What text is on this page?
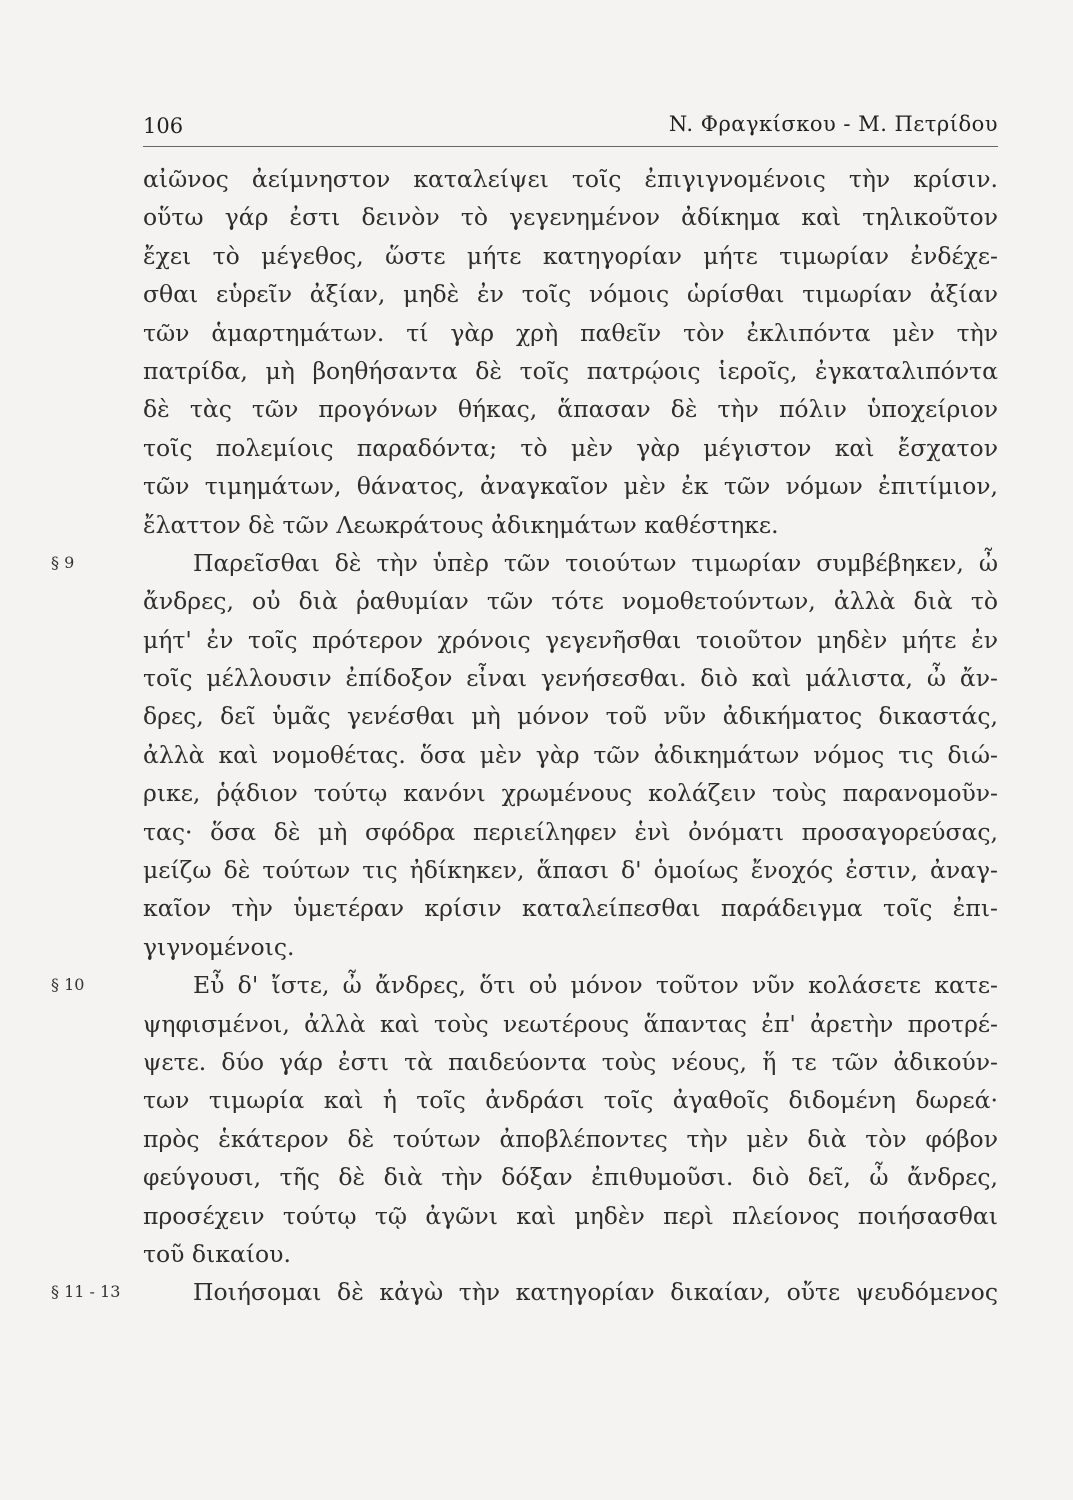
106	N. Φραγκίσκου - M. Πετρίδου
αἰῶνος ἀείμνηστον καταλείψει τοῖς ἐπιγιγνομένοις τὴν κρίσιν.
οὕτω γάρ ἐστι δεινὸν τὸ γεγενημένον ἀδίκημα καὶ τηλικοῦτον
ἔχει τὸ μέγεθος, ὥστε μήτε κατηγορίαν μήτε τιμωρίαν ἐνδέχε-
σθαι εὑρεῖν ἀξίαν, μηδὲ ἐν τοῖς νόμοις ὡρίσθαι τιμωρίαν ἀξίαν
τῶν ἁμαρτημάτων. τί γὰρ χρὴ παθεῖν τὸν ἐκλιπόντα μὲν τὴν
πατρίδα, μὴ βοηθήσαντα δὲ τοῖς πατρῴοις ἱεροῖς, ἐγκαταλιπόντα
δὲ τὰς τῶν προγόνων θήκας, ἅπασαν δὲ τὴν πόλιν ὑποχείριον
τοῖς πολεμίοις παραδόντα; τὸ μὲν γὰρ μέγιστον καὶ ἔσχατον
τῶν τιμημάτων, θάνατος, ἀναγκαῖον μὲν ἐκ τῶν νόμων ἐπιτίμιον,
ἔλαττον δὲ τῶν Λεωκράτους ἀδικημάτων καθέστηκε.
§ 9	Παρεῖσθαι δὲ τὴν ὑπὲρ τῶν τοιούτων τιμωρίαν συμβέβηκεν, ὦ
ἄνδρες, οὐ διὰ ῥαθυμίαν τῶν τότε νομοθετούντων, ἀλλὰ διὰ τὸ
μήτ' ἐν τοῖς πρότερον χρόνοις γεγενῆσθαι τοιοῦτον μηδὲν μήτε ἐν
τοῖς μέλλουσιν ἐπίδοξον εἶναι γενήσεσθαι. διὸ καὶ μάλιστα, ὦ ἄν-
δρες, δεῖ ὑμᾶς γενέσθαι μὴ μόνον τοῦ νῦν ἀδικήματος δικαστάς,
ἀλλὰ καὶ νομοθέτας. ὅσα μὲν γὰρ τῶν ἀδικημάτων νόμος τις διώ-
ρικε, ῥᾴδιον τούτῳ κανόνι χρωμένους κολάζειν τοὺς παρανομοῦν-
τας· ὅσα δὲ μὴ σφόδρα περιείληφεν ἑνὶ ὀνόματι προσαγορεύσας,
μείζω δὲ τούτων τις ἠδίκηκεν, ἅπασι δ' ὁμοίως ἔνοχός ἐστιν, ἀναγ-
καῖον τὴν ὑμετέραν κρίσιν καταλείπεσθαι παράδειγμα τοῖς ἐπι-
γιγνομένοις.
§ 10	Εὖ δ' ἴστε, ὦ ἄνδρες, ὅτι οὐ μόνον τοῦτον νῦν κολάσετε κατε-
ψηφισμένοι, ἀλλὰ καὶ τοὺς νεωτέρους ἅπαντας ἐπ' ἀρετὴν προτρέ-
ψετε. δύο γάρ ἐστι τὰ παιδεύοντα τοὺς νέους, ἥ τε τῶν ἀδικούν-
των τιμωρία καὶ ἡ τοῖς ἀνδράσι τοῖς ἀγαθοῖς διδομένη δωρεά·
πρὸς ἑκάτερον δὲ τούτων ἀποβλέποντες τὴν μὲν διὰ τὸν φόβον
φεύγουσι, τῆς δὲ διὰ τὴν δόξαν ἐπιθυμοῦσι. διὸ δεῖ, ὦ ἄνδρες,
προσέχειν τούτῳ τῷ ἀγῶνι καὶ μηδὲν περὶ πλείονος ποιήσασθαι
τοῦ δικαίου.
§ 11 - 13	Ποιήσομαι δὲ κἀγὼ τὴν κατηγορίαν δικαίαν, οὔτε ψευδόμενος
